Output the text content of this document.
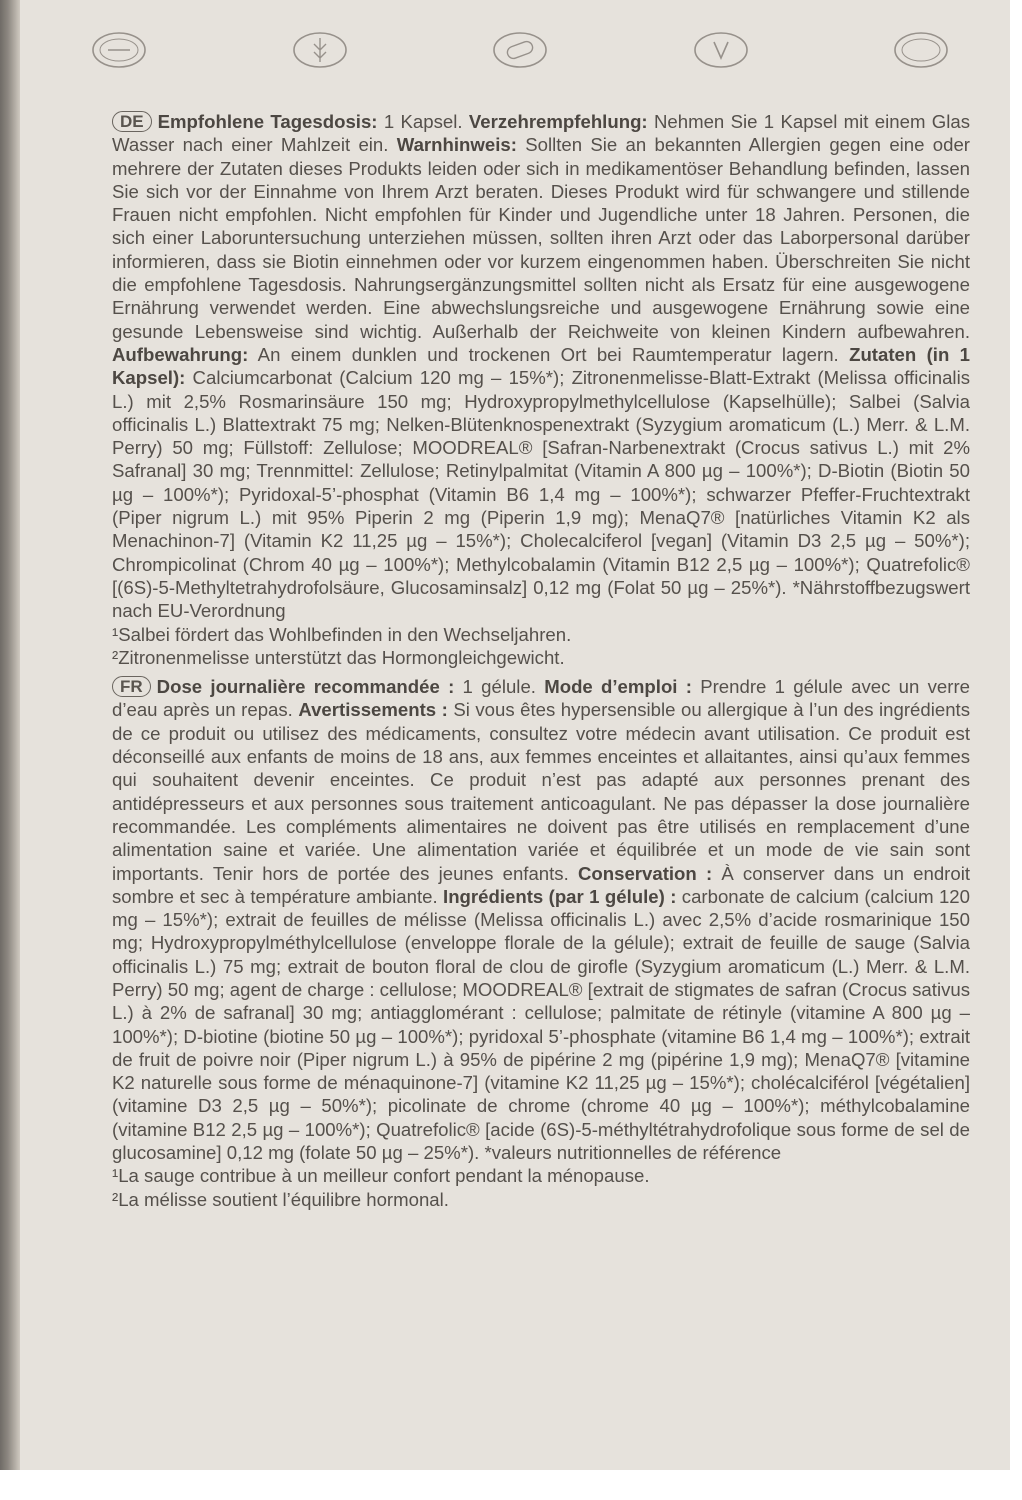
DE Empfohlene Tagesdosis: 1 Kapsel. Verzehrempfehlung: Nehmen Sie 1 Kapsel mit einem Glas Wasser nach einer Mahlzeit ein. Warnhinweis: Sollten Sie an bekannten Allergien gegen eine oder mehrere der Zutaten dieses Produkts leiden oder sich in medikamentöser Behandlung befinden, lassen Sie sich vor der Einnahme von Ihrem Arzt beraten. Dieses Produkt wird für schwangere und stillende Frauen nicht empfohlen. Nicht empfohlen für Kinder und Jugendliche unter 18 Jahren. Personen, die sich einer Laboruntersuchung unterziehen müssen, sollten ihren Arzt oder das Laborpersonal darüber informieren, dass sie Biotin einnehmen oder vor kurzem eingenommen haben. Überschreiten Sie nicht die empfohlene Tagesdosis. Nahrungsergänzungsmittel sollten nicht als Ersatz für eine ausgewogene Ernährung verwendet werden. Eine abwechslungsreiche und ausgewogene Ernährung sowie eine gesunde Lebensweise sind wichtig. Außerhalb der Reichweite von kleinen Kindern aufbewahren. Aufbewahrung: An einem dunklen und trockenen Ort bei Raumtemperatur lagern. Zutaten (in 1 Kapsel): Calciumcarbonat (Calcium 120 mg – 15%*); Zitronenmelisse-Blatt-Extrakt (Melissa officinalis L.) mit 2,5% Rosmarinsäure 150 mg; Hydroxypropylmethylcellulose (Kapselhülle); Salbei (Salvia officinalis L.) Blattextrakt 75 mg; Nelken-Blütenknospenextrakt (Syzygium aromaticum (L.) Merr. & L.M. Perry) 50 mg; Füllstoff: Zellulose; MOODREAL® [Safran-Narbenextrakt (Crocus sativus L.) mit 2% Safranal] 30 mg; Trennmittel: Zellulose; Retinylpalmitat (Vitamin A 800 µg – 100%*); D-Biotin (Biotin 50 µg – 100%*); Pyridoxal-5’-phosphat (Vitamin B6 1,4 mg – 100%*); schwarzer Pfeffer-Fruchtextrakt (Piper nigrum L.) mit 95% Piperin 2 mg (Piperin 1,9 mg); MenaQ7® [natürliches Vitamin K2 als Menachinon-7] (Vitamin K2 11,25 µg – 15%*); Cholecalciferol [vegan] (Vitamin D3 2,5 µg – 50%*); Chrompicolinat (Chrom 40 µg – 100%*); Methylcobalamin (Vitamin B12 2,5 µg – 100%*); Quatrefolic® [(6S)-5-Methyltetrahydrofolsäure, Glucosaminsalz] 0,12 mg (Folat 50 µg – 25%*). *Nährstoffbezugswert nach EU-Verordnung

¹Salbei fördert das Wohlbefinden in den Wechseljahren.

²Zitronenmelisse unterstützt das Hormongleichgewicht.

FR Dose journalière recommandée : 1 gélule. Mode d’emploi : Prendre 1 gélule avec un verre d’eau après un repas. Avertissements : Si vous êtes hypersensible ou allergique à l’un des ingrédients de ce produit ou utilisez des médicaments, consultez votre médecin avant utilisation. Ce produit est déconseillé aux enfants de moins de 18 ans, aux femmes enceintes et allaitantes, ainsi qu’aux femmes qui souhaitent devenir enceintes. Ce produit n’est pas adapté aux personnes prenant des antidépresseurs et aux personnes sous traitement anticoagulant. Ne pas dépasser la dose journalière recommandée. Les compléments alimentaires ne doivent pas être utilisés en remplacement d’une alimentation saine et variée. Une alimentation variée et équilibrée et un mode de vie sain sont importants. Tenir hors de portée des jeunes enfants. Conservation : À conserver dans un endroit sombre et sec à température ambiante. Ingrédients (par 1 gélule) : carbonate de calcium (calcium 120 mg – 15%*); extrait de feuilles de mélisse (Melissa officinalis L.) avec 2,5% d’acide rosmarinique 150 mg; Hydroxypropylméthylcellulose (enveloppe florale de la gélule); extrait de feuille de sauge (Salvia officinalis L.) 75 mg; extrait de bouton floral de clou de girofle (Syzygium aromaticum (L.) Merr. & L.M. Perry) 50 mg; agent de charge : cellulose; MOODREAL® [extrait de stigmates de safran (Crocus sativus L.) à 2% de safranal] 30 mg; antiagglomérant : cellulose; palmitate de rétinyle (vitamine A 800 µg – 100%*); D-biotine (biotine 50 µg – 100%*); pyridoxal 5’-phosphate (vitamine B6 1,4 mg – 100%*); extrait de fruit de poivre noir (Piper nigrum L.) à 95% de pipérine 2 mg (pipérine 1,9 mg); MenaQ7® [vitamine K2 naturelle sous forme de ménaquinone-7] (vitamine K2 11,25 µg – 15%*); cholécalciférol [végétalien] (vitamine D3 2,5 µg – 50%*); picolinate de chrome (chrome 40 µg – 100%*); méthylcobalamine (vitamine B12 2,5 µg – 100%*); Quatrefolic® [acide (6S)-5-méthyltétrahydrofolique sous forme de sel de glucosamine] 0,12 mg (folate 50 µg – 25%*). *valeurs nutritionnelles de référence

¹La sauge contribue à un meilleur confort pendant la ménopause.

²La mélisse soutient l’équilibre hormonal.
